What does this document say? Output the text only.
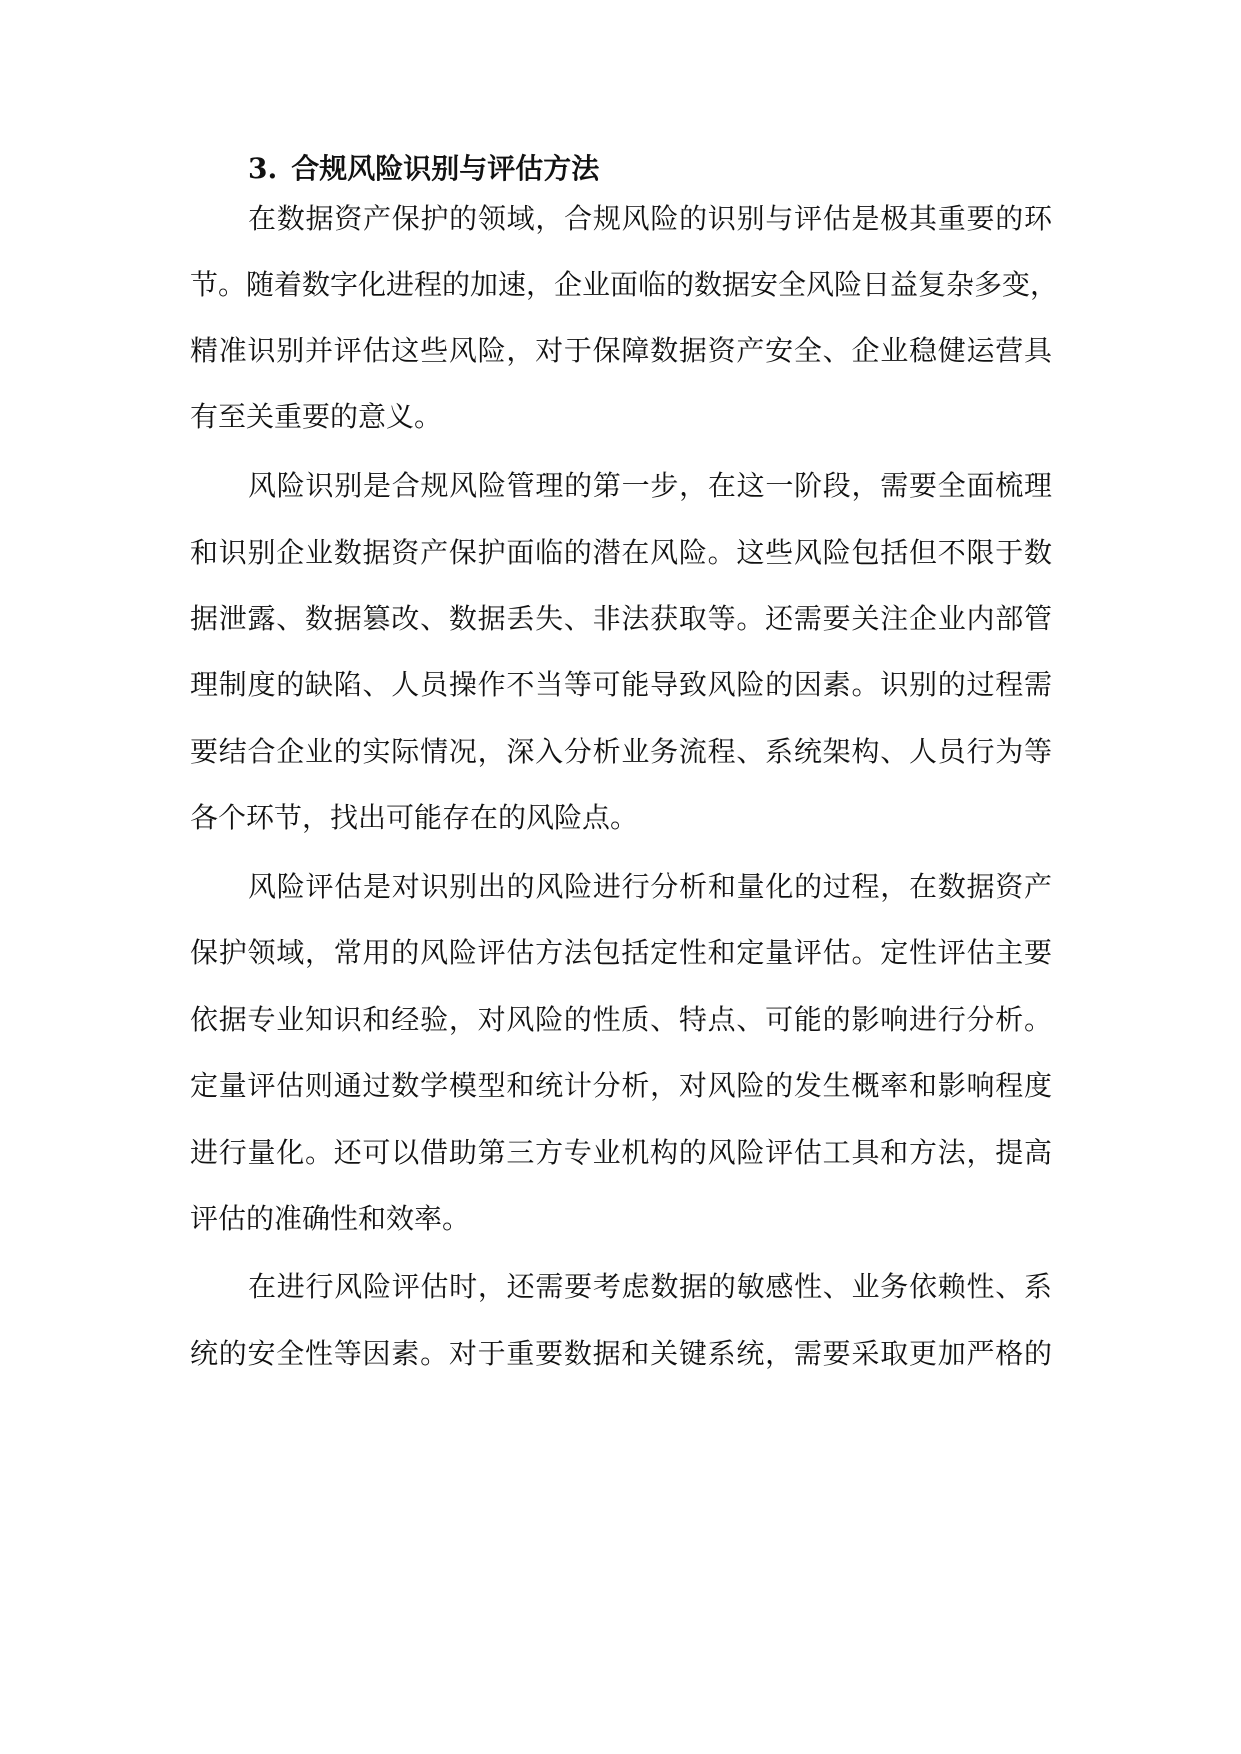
3. 合规风险识别与评估方法

在数据资产保护的领域，合规风险的识别与评估是极其重要的环

节。随着数字化进程的加速，企业面临的数据安全风险日益复杂多变，

精准识别并评估这些风险，对于保障数据资产安全、企业稳健运营具

有至关重要的意义。

风险识别是合规风险管理的第一步，在这一阶段，需要全面梳理

和识别企业数据资产保护面临的潜在风险。这些风险包括但不限于数

据泄露、数据篡改、数据丢失、非法获取等。还需要关注企业内部管

理制度的缺陷、人员操作不当等可能导致风险的因素。识别的过程需

要结合企业的实际情况，深入分析业务流程、系统架构、人员行为等

各个环节，找出可能存在的风险点。

风险评估是对识别出的风险进行分析和量化的过程，在数据资产

保护领域，常用的风险评估方法包括定性和定量评估。定性评估主要

依据专业知识和经验，对风险的性质、特点、可能的影响进行分析。

定量评估则通过数学模型和统计分析，对风险的发生概率和影响程度

进行量化。还可以借助第三方专业机构的风险评估工具和方法，提高

评估的准确性和效率。

在进行风险评估时，还需要考虑数据的敏感性、业务依赖性、系

统的安全性等因素。对于重要数据和关键系统，需要采取更加严格的
